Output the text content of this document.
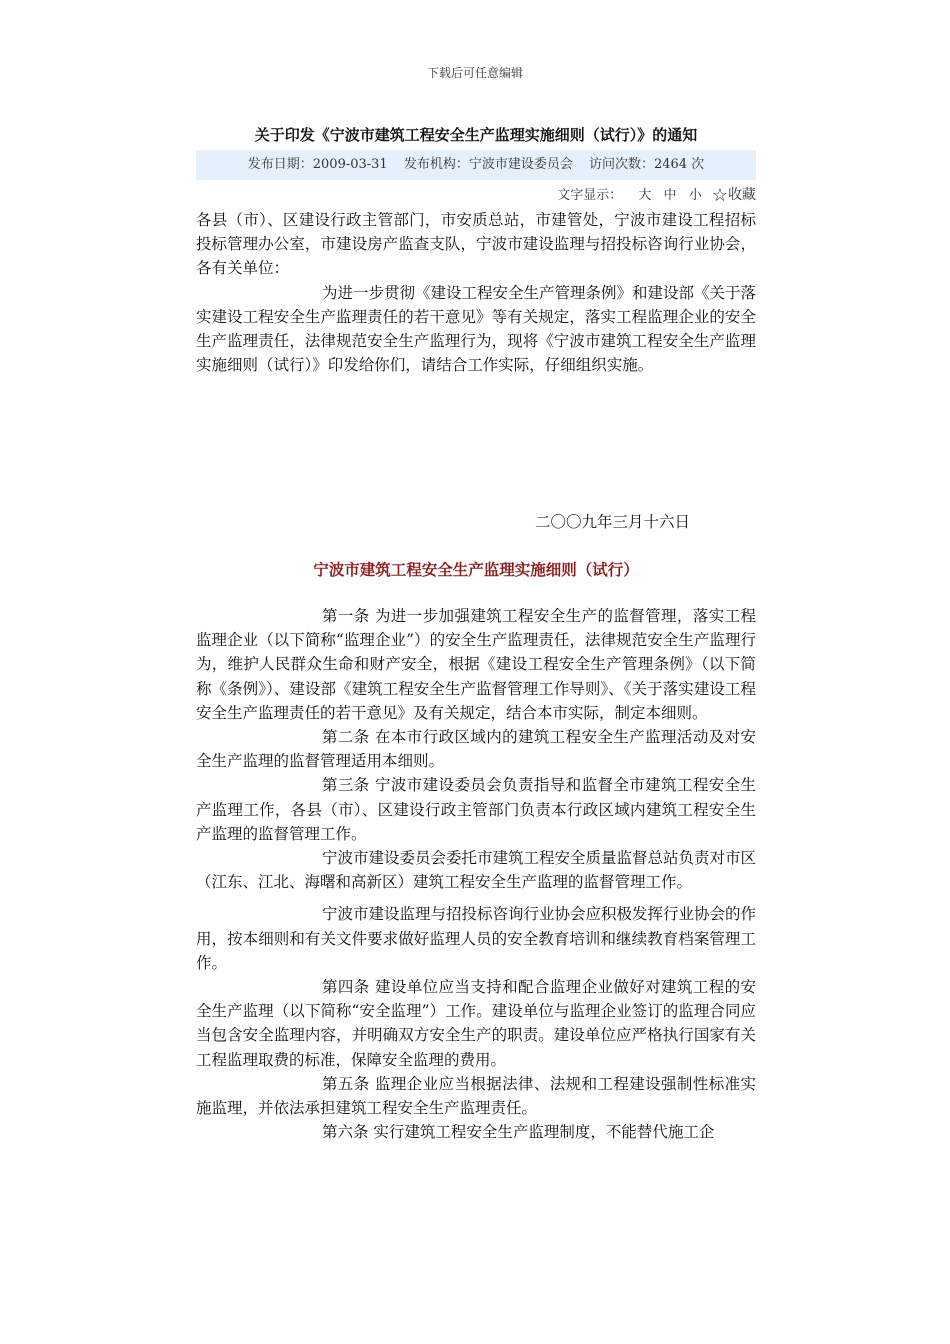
下载后可任意编辑
关于印发《宁波市建筑工程安全生产监理实施细则（试行）》的通知
发布日期：2009-03-31 发布机构：宁波市建设委员会 访问次数：2464 次
文字显示： 大 中 小 ☆收藏

各县（市）、区建设行政主管部门，市安质总站，市建管处，宁波市建设工程招标投标管理办公室，市建设房产监查支队，宁波市建设监理与招投标咨询行业协会，各有关单位：

为进一步贯彻《建设工程安全生产管理条例》和建设部《关于落实建设工程安全生产监理责任的若干意见》等有关规定，落实工程监理企业的安全生产监理责任，法律规范安全生产监理行为，现将《宁波市建筑工程安全生产监理实施细则（试行）》印发给你们，请结合工作实际，仔细组织实施。

二〇〇九年三月十六日
宁波市建筑工程安全生产监理实施细则（试行）

第一条 为进一步加强建筑工程安全生产的监督管理，落实工程监理企业（以下简称“监理企业”）的安全生产监理责任，法律规范安全生产监理行为，维护人民群众生命和财产安全，根据《建设工程安全生产管理条例》（以下简称《条例》）、建设部《建筑工程安全生产监督管理工作导则》、《关于落实建设工程安全生产监理责任的若干意见》及有关规定，结合本市实际，制定本细则。

第二条 在本市行政区域内的建筑工程安全生产监理活动及对安全生产监理的监督管理适用本细则。

第三条 宁波市建设委员会负责指导和监督全市建筑工程安全生产监理工作，各县（市）、区建设行政主管部门负责本行政区域内建筑工程安全生产监理的监督管理工作。

宁波市建设委员会委托市建筑工程安全质量监督总站负责对市区（江东、江北、海曙和高新区）建筑工程安全生产监理的监督管理工作。

宁波市建设监理与招投标咨询行业协会应积极发挥行业协会的作用，按本细则和有关文件要求做好监理人员的安全教育培训和继续教育档案管理工作。

第四条 建设单位应当支持和配合监理企业做好对建筑工程的安全生产监理（以下简称“安全监理”）工作。建设单位与监理企业签订的监理合同应当包含安全监理内容，并明确双方安全生产的职责。建设单位应严格执行国家有关工程监理取费的标准，保障安全监理的费用。

第五条 监理企业应当根据法律、法规和工程建设强制性标准实施监理，并依法承担建筑工程安全生产监理责任。

第六条 实行建筑工程安全生产监理制度，不能替代施工企
